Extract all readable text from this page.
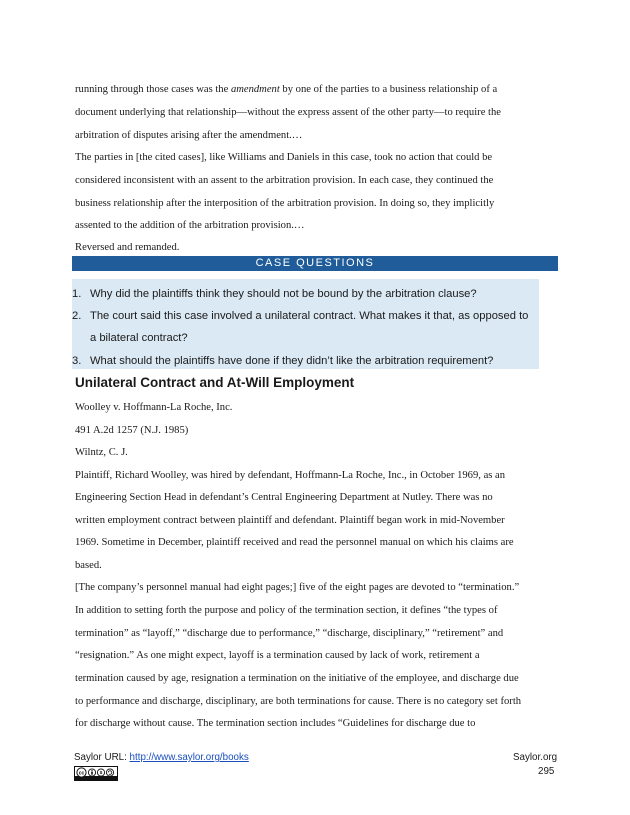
running through those cases was the amendment by one of the parties to a business relationship of a
document underlying that relationship—without the express assent of the other party—to require the
arbitration of disputes arising after the amendment.…
The parties in [the cited cases], like Williams and Daniels in this case, took no action that could be
considered inconsistent with an assent to the arbitration provision. In each case, they continued the
business relationship after the interposition of the arbitration provision. In doing so, they implicitly
assented to the addition of the arbitration provision.…
Reversed and remanded.
CASE QUESTIONS
1. Why did the plaintiffs think they should not be bound by the arbitration clause?
2. The court said this case involved a unilateral contract. What makes it that, as opposed to
a bilateral contract?
3. What should the plaintiffs have done if they didn’t like the arbitration requirement?
Unilateral Contract and At-Will Employment
Woolley v. Hoffmann-La Roche, Inc.
491 A.2d 1257 (N.J. 1985)
Wilntz, C. J.
Plaintiff, Richard Woolley, was hired by defendant, Hoffmann-La Roche, Inc., in October 1969, as an
Engineering Section Head in defendant’s Central Engineering Department at Nutley. There was no
written employment contract between plaintiff and defendant. Plaintiff began work in mid-November
1969. Sometime in December, plaintiff received and read the personnel manual on which his claims are
based.
[The company’s personnel manual had eight pages;] five of the eight pages are devoted to “termination.”
In addition to setting forth the purpose and policy of the termination section, it defines “the types of
termination” as “layoff,” “discharge due to performance,” “discharge, disciplinary,” “retirement” and
“resignation.” As one might expect, layoff is a termination caused by lack of work, retirement a
termination caused by age, resignation a termination on the initiative of the employee, and discharge due
to performance and discharge, disciplinary, are both terminations for cause. There is no category set forth
for discharge without cause. The termination section includes “Guidelines for discharge due to
Saylor URL: http://www.saylor.org/books	Saylor.org
295
cc	$
